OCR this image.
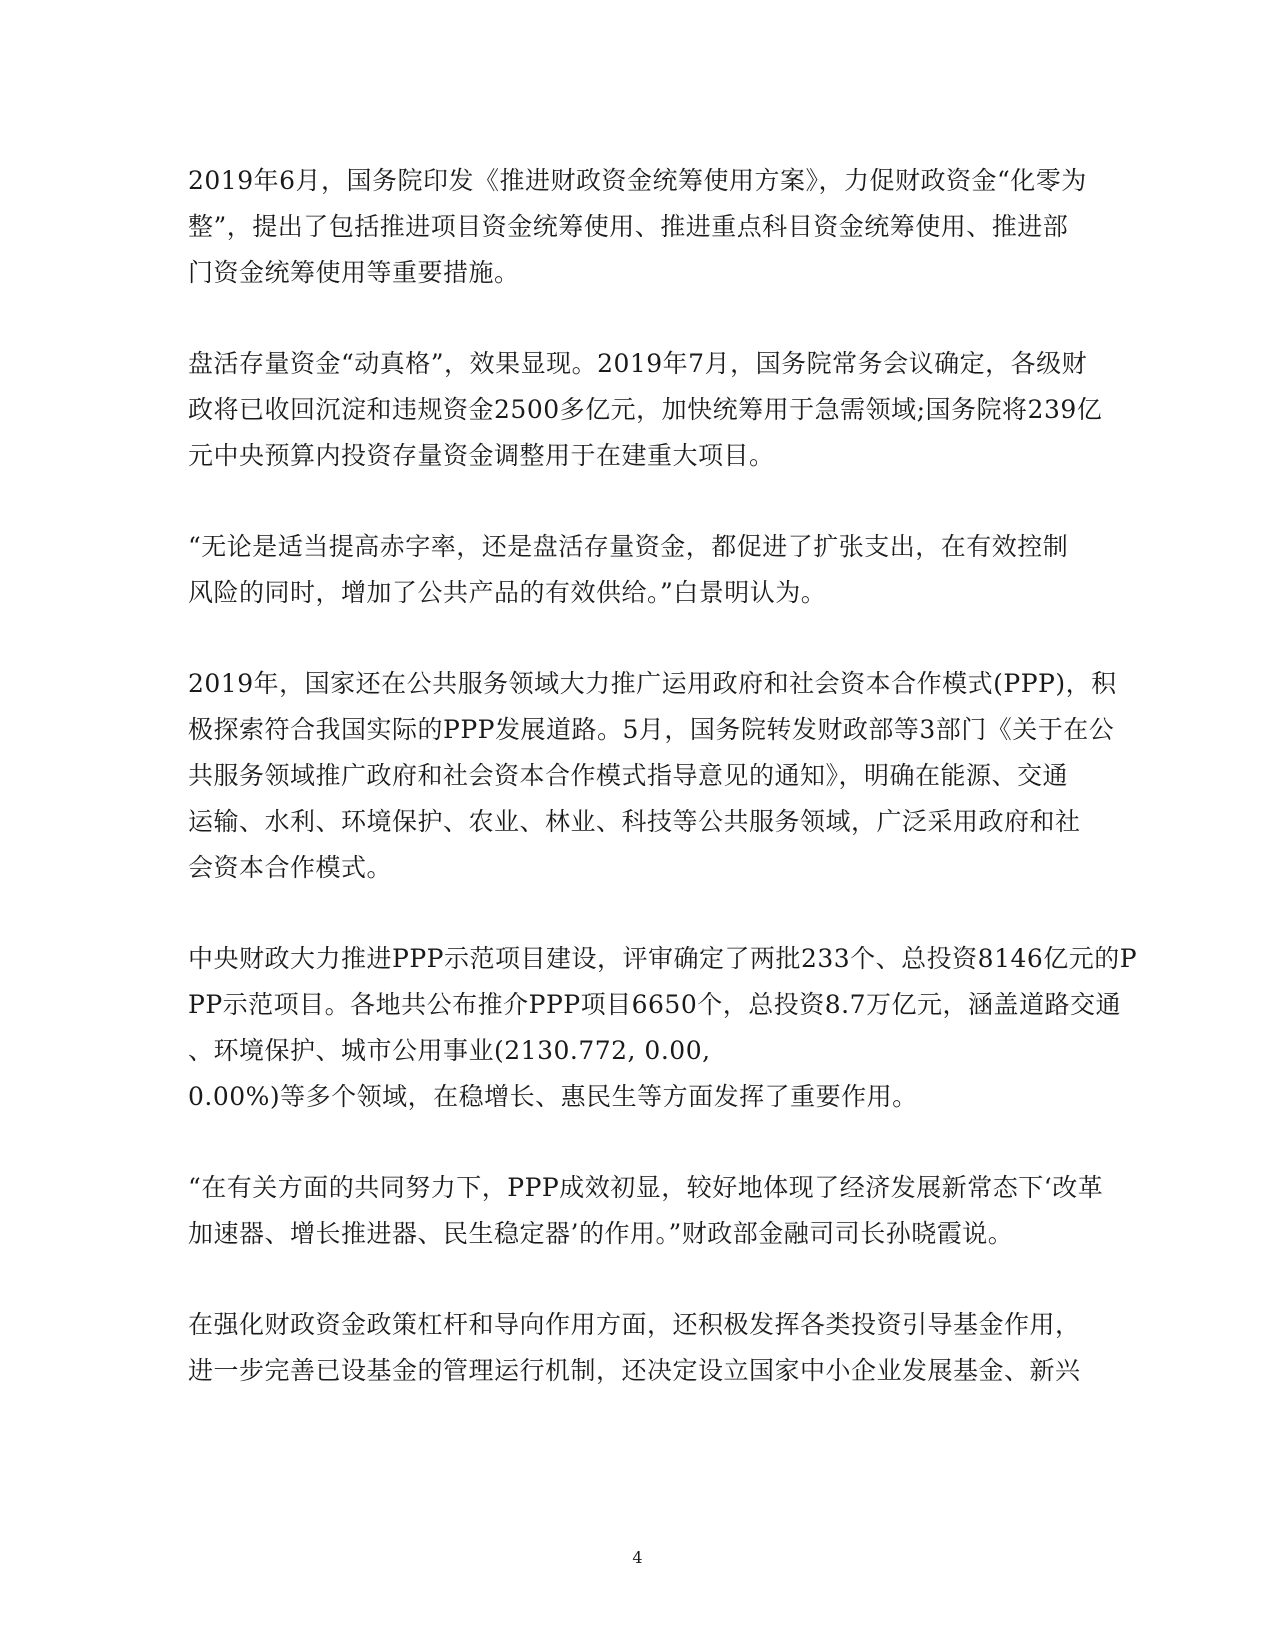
2019年6月，国务院印发《推进财政资金统筹使用方案》，力促财政资金“化零为
整”，提出了包括推进项目资金统筹使用、推进重点科目资金统筹使用、推进部
门资金统筹使用等重要措施。
盘活存量资金“动真格”，效果显现。2019年7月，国务院常务会议确定，各级财
政将已收回沉淀和违规资金2500多亿元，加快统筹用于急需领域;国务院将239亿
元中央预算内投资存量资金调整用于在建重大项目。
“无论是适当提高赤字率，还是盘活存量资金，都促进了扩张支出，在有效控制
风险的同时，增加了公共产品的有效供给。”白景明认为。
2019年，国家还在公共服务领域大力推广运用政府和社会资本合作模式(PPP)，积
极探索符合我国实际的PPP发展道路。5月，国务院转发财政部等3部门《关于在公
共服务领域推广政府和社会资本合作模式指导意见的通知》，明确在能源、交通
运输、水利、环境保护、农业、林业、科技等公共服务领域，广泛采用政府和社
会资本合作模式。
中央财政大力推进PPP示范项目建设，评审确定了两批233个、总投资8146亿元的P
PP示范项目。各地共公布推介PPP项目6650个，总投资8.7万亿元，涵盖道路交通
、环境保护、城市公用事业(2130.772, 0.00,
0.00%)等多个领域，在稳增长、惠民生等方面发挥了重要作用。
“在有关方面的共同努力下，PPP成效初显，较好地体现了经济发展新常态下‘改革
加速器、增长推进器、民生稳定器’的作用。”财政部金融司司长孙晓霞说。
在强化财政资金政策杠杆和导向作用方面，还积极发挥各类投资引导基金作用，
进一步完善已设基金的管理运行机制，还决定设立国家中小企业发展基金、新兴
4
